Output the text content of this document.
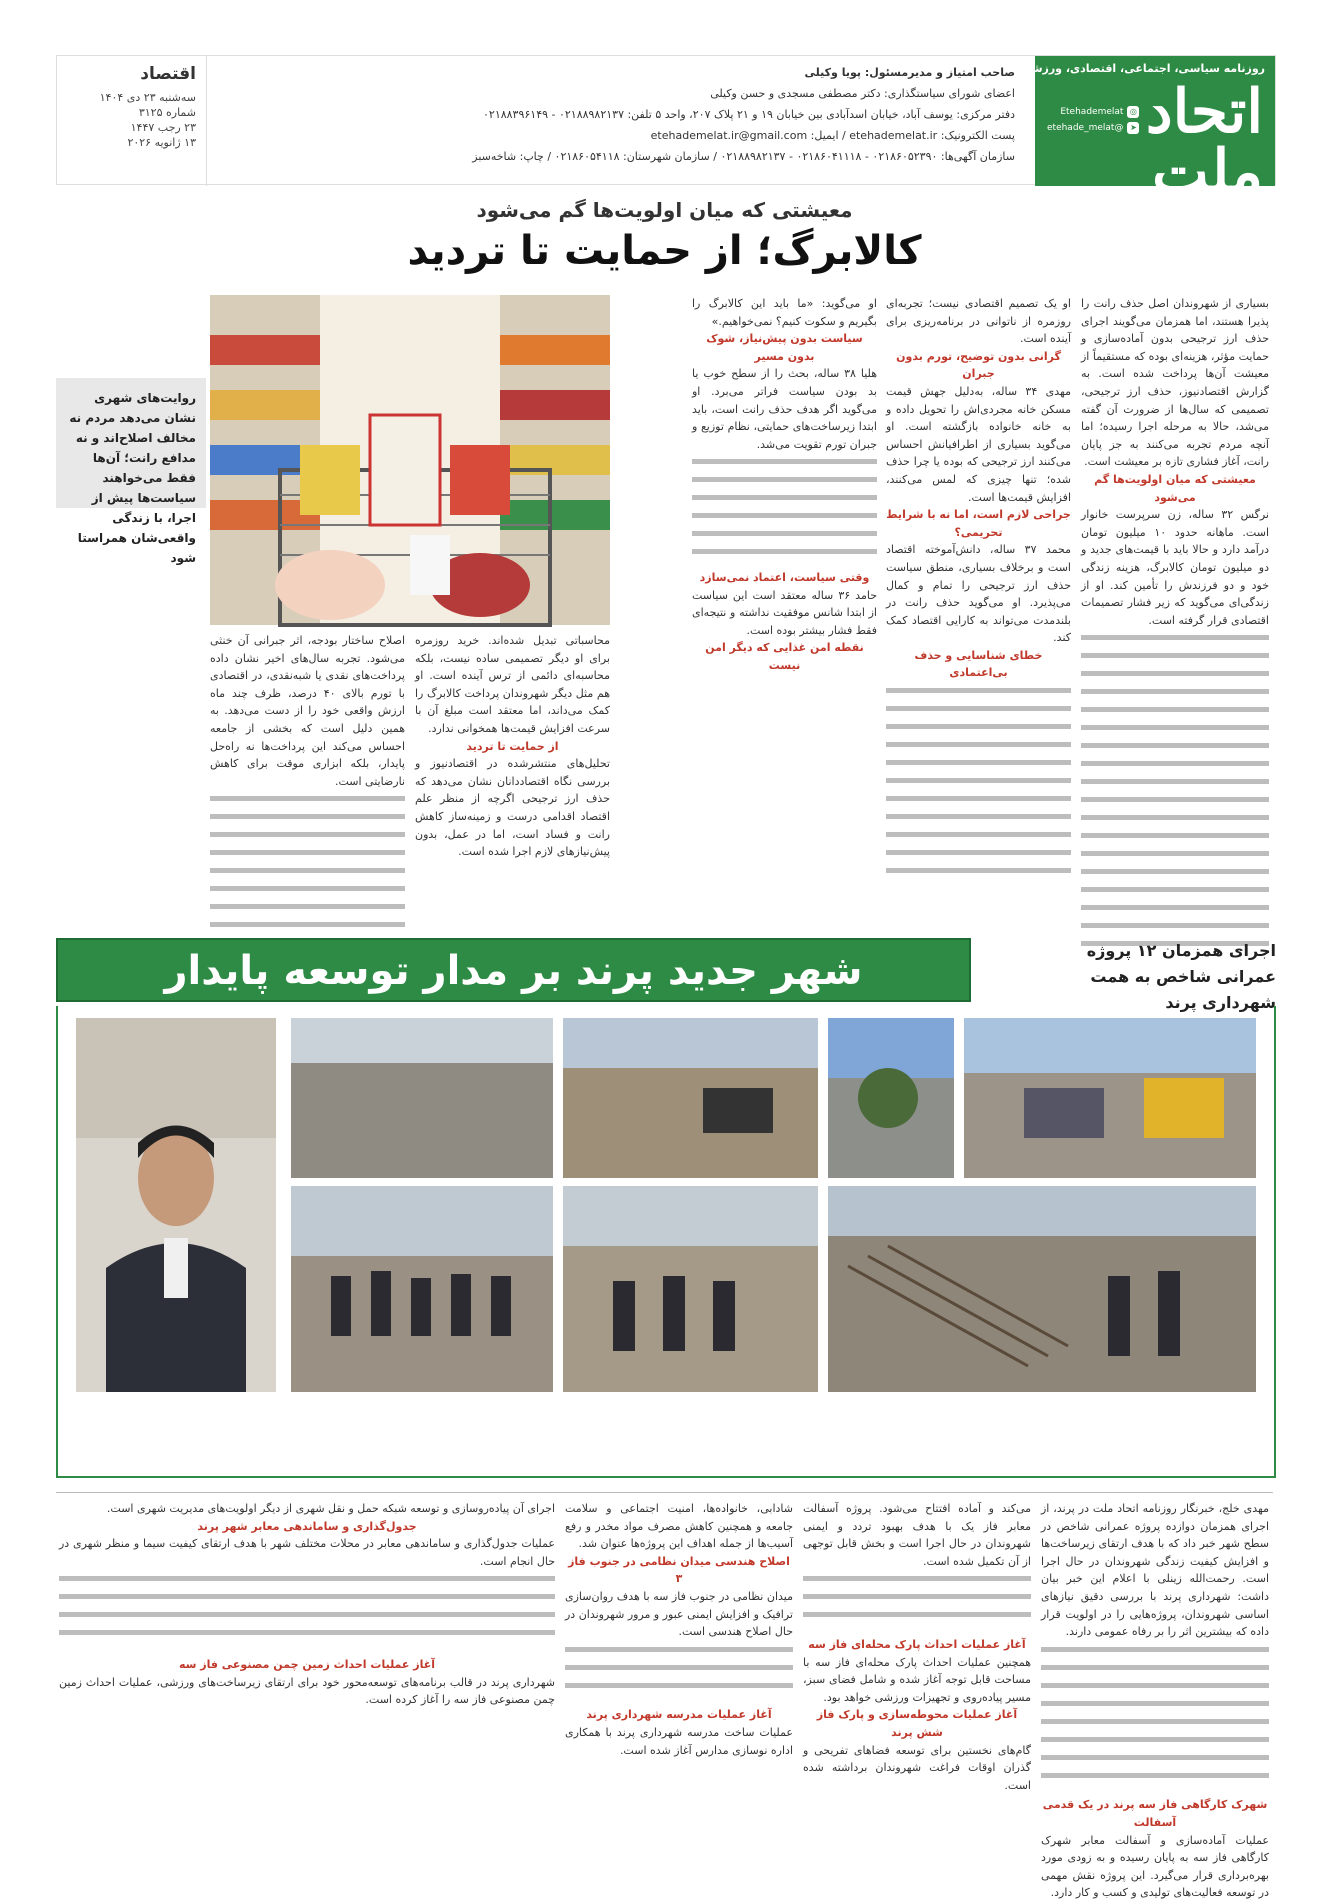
روزنامه سیاسی، اجتماعی، اقتصادی، ورزشی، فرهنگی
اتحاد ملت
◎
Etehademelat
➤
@etehade_melat
صاحب امتیاز و مدیرمسئول: پویا وکیلی
اعضای شورای سیاستگذاری: دکتر مصطفی مسجدی و حسن وکیلی
دفتر مرکزی: یوسف آباد، خیابان اسدآبادی بین خیابان ۱۹ و ۲۱ پلاک ۲۰۷، واحد ۵ تلفن: ۰۲۱۸۸۹۸۲۱۳۷ - ۰۲۱۸۸۳۹۶۱۴۹
پست الکترونیک: etehademelat.ir / ایمیل: etehademelat.ir@gmail.com
سازمان آگهی‌ها: ۰۲۱۸۶۰۵۲۳۹۰ - ۰۲۱۸۶۰۴۱۱۱۸ - ۰۲۱۸۸۹۸۲۱۳۷ / سازمان شهرستان: ۰۲۱۸۶۰۵۴۱۱۸ / چاپ: شاخه‌سبز
اقتصاد
سه‌شنبه ۲۳ دی ۱۴۰۴
شماره ۳۱۲۵
۲۳ رجب ۱۴۴۷
۱۳ ژانویه ۲۰۲۶
معیشتی که میان اولویت‌ها گم می‌شود
کالابرگ؛ از حمایت تا تردید
روایت‌های شهری نشان می‌دهد مردم نه مخالف اصلاح‌اند و نه مدافع رانت؛ آن‌ها فقط می‌خواهند سیاست‌ها پیش از اجرا، با زندگی واقعی‌شان همراستا شود

بسیاری از شهروندان اصل حذف رانت را پذیرا هستند، اما همزمان می‌گویند اجرای حذف ارز ترجیحی بدون آماده‌سازی و حمایت مؤثر، هزینه‌ای بوده که مستقیماً از معیشت آن‌ها پرداخت شده است. به گزارش اقتصادنیوز، حذف ارز ترجیحی، تصمیمی که سال‌ها از ضرورت آن گفته می‌شد، حالا به مرحله اجرا رسیده؛ اما آنچه مردم تجربه می‌کنند به جز پایان رانت، آغاز فشاری تازه بر معیشت است.

معیشتی که میان اولویت‌ها گم می‌شود

نرگس ۳۲ ساله، زن سرپرست خانوار است. ماهانه حدود ۱۰ میلیون تومان درآمد دارد و حالا باید با قیمت‌های جدید و دو میلیون تومان کالابرگ، هزینه زندگی خود و دو فرزندش را تأمین کند. او از زندگی‌ای می‌گوید که زیر فشار تصمیمات اقتصادی قرار گرفته است.

او یک تصمیم اقتصادی نیست؛ تجربه‌ای روزمره از ناتوانی در برنامه‌ریزی برای آینده است.

گرانی بدون توضیح، تورم بدون جبران

مهدی ۳۴ ساله، به‌دلیل جهش قیمت مسکن خانه مجردی‌اش را تحویل داده و به خانه خانواده بازگشته است. او می‌گوید بسیاری از اطرافیانش احساس می‌کنند ارز ترجیحی که بوده یا چرا حذف شده؛ تنها چیزی که لمس می‌کنند، افزایش قیمت‌ها است.

جراحی لازم است، اما نه با شرایط تحریمی؟

محمد ۳۷ ساله، دانش‌آموخته اقتصاد است و برخلاف بسیاری، منطق سیاست حذف ارز ترجیحی را تمام و کمال می‌پذیرد. او می‌گوید حذف رانت در بلندمدت می‌تواند به کارایی اقتصاد کمک کند.

خطای شناسایی و حذف بی‌اعتمادی

او می‌گوید: «ما باید این کالابرگ را بگیریم و سکوت کنیم؟ نمی‌خواهیم.»

سیاست بدون پیش‌نیاز، شوک بدون مسیر

هلیا ۳۸ ساله، بحث را از سطح خوب یا بد بودن سیاست فراتر می‌برد. او می‌گوید اگر هدف حذف رانت است، باید ابتدا زیرساخت‌های حمایتی، نظام توزیع و جبران تورم تقویت می‌شد.

وقتی سیاست، اعتماد نمی‌سازد

حامد ۳۶ ساله معتقد است این سیاست از ابتدا شانس موفقیت نداشته و نتیجه‌ای فقط فشار بیشتر بوده است.

نقطه امن غذایی که دیگر امن نیست

اصلاح ساختار بودجه، اثر جبرانی آن خنثی می‌شود. تجربه سال‌های اخیر نشان داده پرداخت‌های نقدی یا شبه‌نقدی، در اقتصادی با تورم بالای ۴۰ درصد، ظرف چند ماه ارزش واقعی خود را از دست می‌دهد. به همین دلیل است که بخشی از جامعه احساس می‌کند این پرداخت‌ها نه راه‌حل پایدار، بلکه ابزاری موقت برای کاهش نارضایتی است.

محاسباتی تبدیل شده‌اند. خرید روزمره برای او دیگر تصمیمی ساده نیست، بلکه محاسبه‌ای دائمی از ترس آینده است. او هم مثل دیگر شهروندان پرداخت کالابرگ را کمک می‌داند، اما معتقد است مبلغ آن با سرعت افزایش قیمت‌ها همخوانی ندارد.

از حمایت تا تردید

تحلیل‌های منتشرشده در اقتصادنیوز و بررسی نگاه اقتصاددانان نشان می‌دهد که حذف ارز ترجیحی اگرچه از منظر علم اقتصاد اقدامی درست و زمینه‌ساز کاهش رانت و فساد است، اما در عمل، بدون پیش‌نیازهای لازم اجرا شده است.

شهر جدید پرند بر مدار توسعه پایدار	اجرای همزمان ۱۲ پروژه عمرانی شاخص به همت شهرداری پرند

مهدی خلج، خبرنگار روزنامه اتحاد ملت در پرند، از اجرای همزمان دوازده پروژه عمرانی شاخص در سطح شهر خبر داد که با هدف ارتقای زیرساخت‌ها و افزایش کیفیت زندگی شهروندان در حال اجرا است. رحمت‌الله زینلی با اعلام این خبر بیان داشت: شهرداری پرند با بررسی دقیق نیازهای اساسی شهروندان، پروژه‌هایی را در اولویت قرار داده که بیشترین اثر را بر رفاه عمومی دارند.

شهرک کارگاهی فاز سه پرند در یک قدمی آسفالت

عملیات آماده‌سازی و آسفالت معابر شهرک کارگاهی فاز سه به پایان رسیده و به زودی مورد بهره‌برداری قرار می‌گیرد. این پروژه نقش مهمی در توسعه فعالیت‌های تولیدی و کسب و کار دارد.

می‌کند و آماده افتتاح می‌شود. پروژه آسفالت معابر فاز یک با هدف بهبود تردد و ایمنی شهروندان در حال اجرا است و بخش قابل توجهی از آن تکمیل شده است.

آغاز عملیات احداث پارک محله‌ای فاز سه

همچنین عملیات احداث پارک محله‌ای فاز سه با مساحت قابل توجه آغاز شده و شامل فضای سبز، مسیر پیاده‌روی و تجهیزات ورزشی خواهد بود.

آغاز عملیات محوطه‌سازی و پارک فاز شش پرند

گام‌های نخستین برای توسعه فضاهای تفریحی و گذران اوقات فراغت شهروندان برداشته شده است.

شادابی، خانواده‌ها، امنیت اجتماعی و سلامت جامعه و همچنین کاهش مصرف مواد مخدر و رفع آسیب‌ها از جمله اهداف این پروژه‌ها عنوان شد.

اصلاح هندسی میدان نظامی در جنوب فاز ۳

میدان نظامی در جنوب فاز سه با هدف روان‌سازی ترافیک و افزایش ایمنی عبور و مرور شهروندان در حال اصلاح هندسی است.

آغاز عملیات مدرسه شهرداری پرند

عملیات ساخت مدرسه شهرداری پرند با همکاری اداره نوسازی مدارس آغاز شده است.

اجرای آن پیاده‌روسازی و توسعه شبکه حمل و نقل شهری از دیگر اولویت‌های مدیریت شهری است.

جدول‌گذاری و ساماندهی معابر شهر پرند

عملیات جدول‌گذاری و ساماندهی معابر در محلات مختلف شهر با هدف ارتقای کیفیت سیما و منظر شهری در حال انجام است.

آغاز عملیات احداث زمین چمن مصنوعی فاز سه

شهرداری پرند در قالب برنامه‌های توسعه‌محور خود برای ارتقای زیرساخت‌های ورزشی، عملیات احداث زمین چمن مصنوعی فاز سه را آغاز کرده است.
